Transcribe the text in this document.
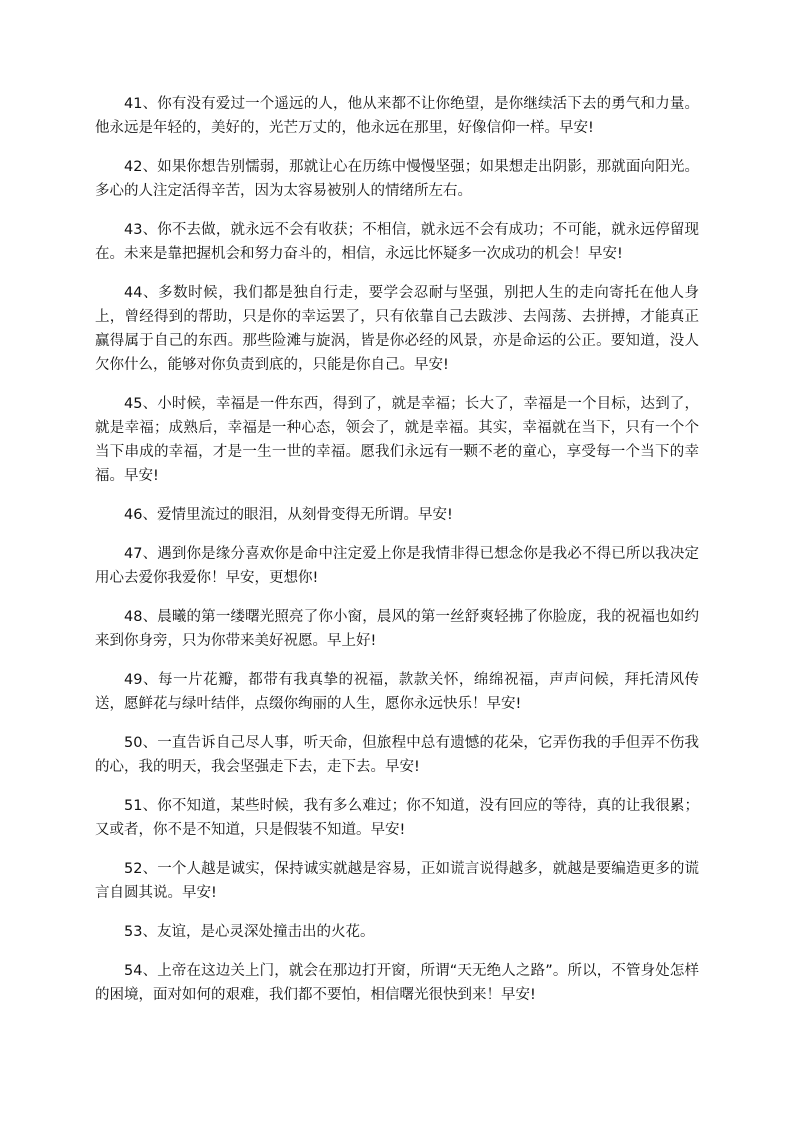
41、你有没有爱过一个遥远的人，他从来都不让你绝望，是你继续活下去的勇气和力量。他永远是年轻的，美好的，光芒万丈的，他永远在那里，好像信仰一样。早安!

42、如果你想告别懦弱，那就让心在历练中慢慢坚强；如果想走出阴影，那就面向阳光。多心的人注定活得辛苦，因为太容易被别人的情绪所左右。

43、你不去做，就永远不会有收获；不相信，就永远不会有成功；不可能，就永远停留现在。未来是靠把握机会和努力奋斗的，相信，永远比怀疑多一次成功的机会！早安!

44、多数时候，我们都是独自行走，要学会忍耐与坚强，别把人生的走向寄托在他人身上，曾经得到的帮助，只是你的幸运罢了，只有依靠自己去跋涉、去闯荡、去拼搏，才能真正赢得属于自己的东西。那些险滩与旋涡，皆是你必经的风景，亦是命运的公正。要知道，没人欠你什么，能够对你负责到底的，只能是你自己。早安!

45、小时候，幸福是一件东西，得到了，就是幸福；长大了，幸福是一个目标，达到了，就是幸福；成熟后，幸福是一种心态，领会了，就是幸福。其实，幸福就在当下，只有一个个当下串成的幸福，才是一生一世的幸福。愿我们永远有一颗不老的童心，享受每一个当下的幸福。早安!

46、爱情里流过的眼泪，从刻骨变得无所谓。早安!

47、遇到你是缘分喜欢你是命中注定爱上你是我情非得已想念你是我必不得已所以我决定用心去爱你我爱你！早安，更想你!

48、晨曦的第一缕曙光照亮了你小窗，晨风的第一丝舒爽轻拂了你脸庞，我的祝福也如约来到你身旁，只为你带来美好祝愿。早上好!

49、每一片花瓣，都带有我真挚的祝福，款款关怀，绵绵祝福，声声问候，拜托清风传送，愿鲜花与绿叶结伴，点缀你绚丽的人生，愿你永远快乐！早安!

50、一直告诉自己尽人事，听天命，但旅程中总有遗憾的花朵，它弄伤我的手但弄不伤我的心，我的明天，我会坚强走下去，走下去。早安!

51、你不知道，某些时候，我有多么难过；你不知道，没有回应的等待，真的让我很累；又或者，你不是不知道，只是假装不知道。早安!

52、一个人越是诚实，保持诚实就越是容易，正如谎言说得越多，就越是要编造更多的谎言自圆其说。早安!

53、友谊，是心灵深处撞击出的火花。

54、上帝在这边关上门，就会在那边打开窗，所谓“天无绝人之路”。所以，不管身处怎样的困境，面对如何的艰难，我们都不要怕，相信曙光很快到来！早安!
